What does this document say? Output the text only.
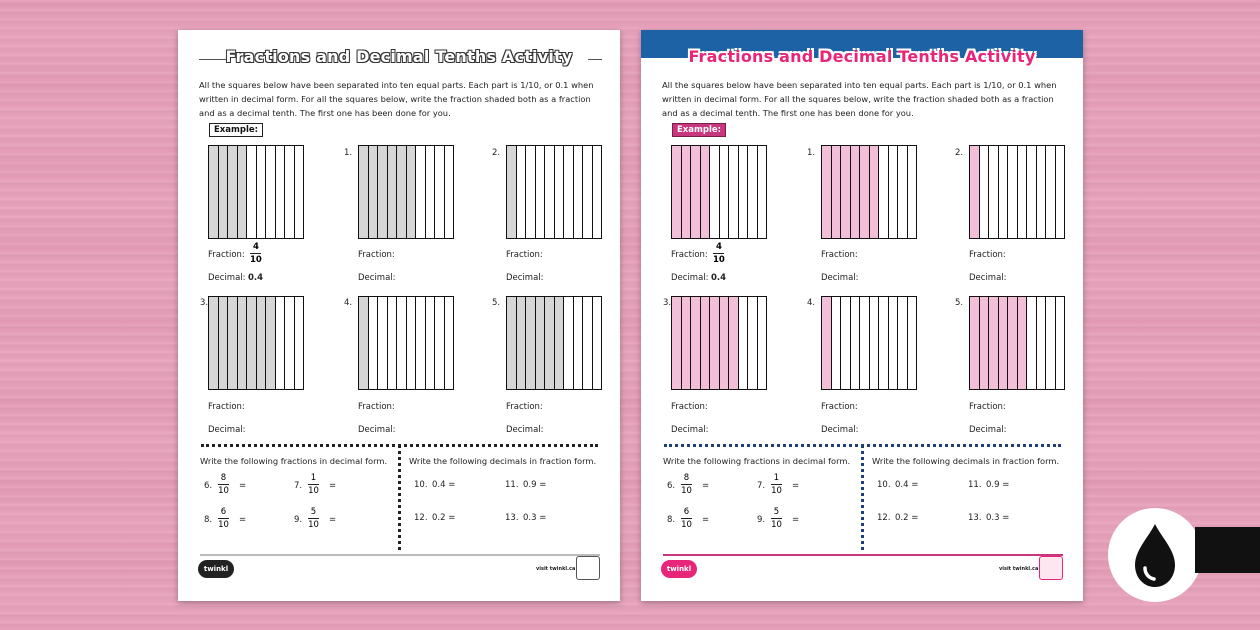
Fractions and Decimal Tenths Activity
All the squares below have been separated into ten equal parts. Each part is 1/10, or 0.1 when written in decimal form. For all the squares below, write the fraction shaded both as a fraction and as a decimal tenth. The first one has been done for you.
Example:
Fraction:
Decimal:
1.
Fraction:
Decimal:
2.
Fraction:
Decimal:
3.
Fraction:
Decimal:
4.
Fraction:
Decimal:
5.
Fraction:
Decimal:
4
10
0.4
Write the following fractions in decimal form.	Write the following decimals in fraction form.
6.
8
10 =	7.
1
10 =
8.
6
10 =	9.
5
10 =
10. 0.4 =	11. 0.9 =
12. 0.2 =	13. 0.3 =
twinkl	visit twinkl.ca
Fractions and Decimal Tenths Activity
All the squares below have been separated into ten equal parts. Each part is 1/10, or 0.1 when written in decimal form. For all the squares below, write the fraction shaded both as a fraction and as a decimal tenth. The first one has been done for you.
Example:
Fraction:
Decimal:
1.
Fraction:
Decimal:
2.
Fraction:
Decimal:
3.
Fraction:
Decimal:
4.
Fraction:
Decimal:
5.
Fraction:
Decimal:
4
10
0.4
Write the following fractions in decimal form.	Write the following decimals in fraction form.
6.
8
10 =	7.
1
10 =
8.
6
10 =	9.
5
10 =
10. 0.4 =	11. 0.9 =
12. 0.2 =	13. 0.3 =
twinkl	visit twinkl.ca
